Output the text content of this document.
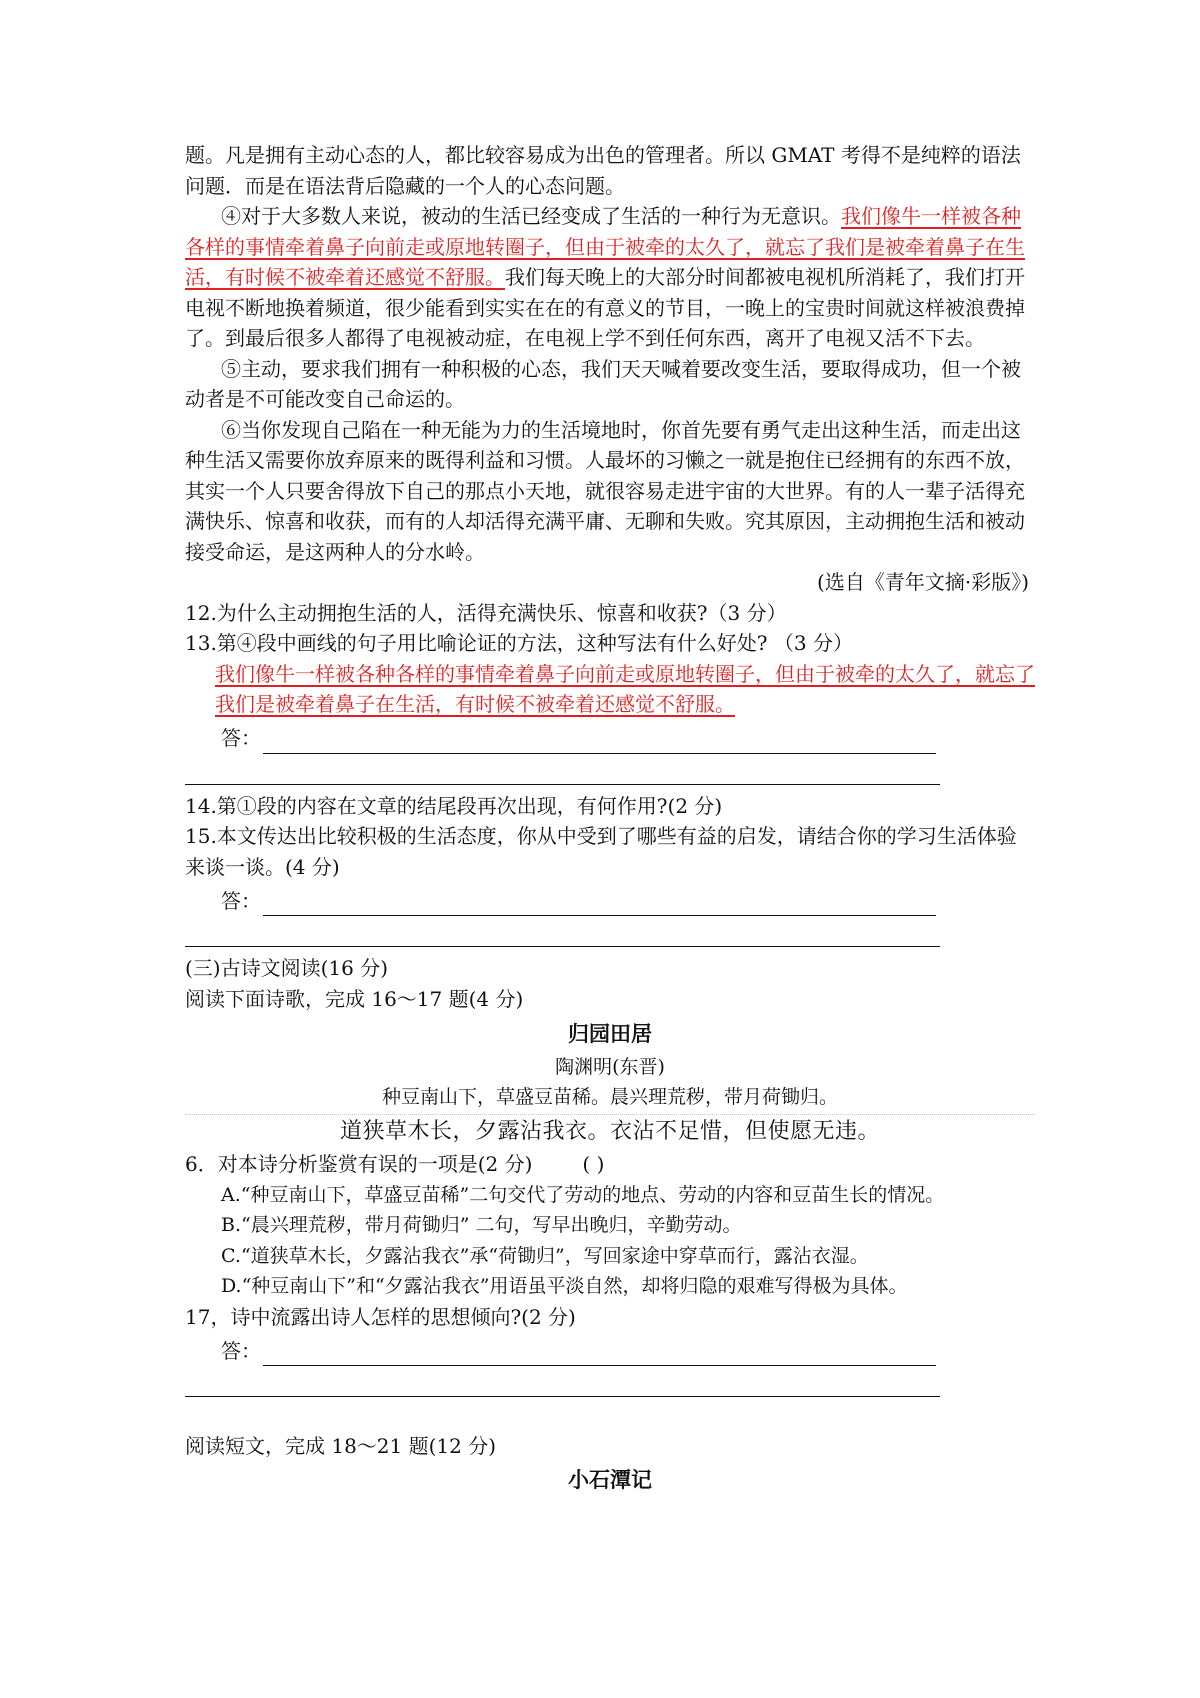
题。凡是拥有主动心态的人，都比较容易成为出色的管理者。所以 GMAT 考得不是纯粹的语法问题．而是在语法背后隐藏的一个人的心态问题。

④对于大多数人来说，被动的生活已经变成了生活的一种行为无意识。我们像牛一样被各种各样的事情牵着鼻子向前走或原地转圈子，但由于被牵的太久了，就忘了我们是被牵着鼻子在生活，有时候不被牵着还感觉不舒服。我们每天晚上的大部分时间都被电视机所消耗了，我们打开电视不断地换着频道，很少能看到实实在在的有意义的节目，一晚上的宝贵时间就这样被浪费掉了。到最后很多人都得了电视被动症，在电视上学不到任何东西，离开了电视又活不下去。

⑤主动，要求我们拥有一种积极的心态，我们天天喊着要改变生活，要取得成功，但一个被动者是不可能改变自己命运的。

⑥当你发现自己陷在一种无能为力的生活境地时，你首先要有勇气走出这种生活，而走出这种生活又需要你放弃原来的既得利益和习惯。人最坏的习懒之一就是抱住已经拥有的东西不放，其实一个人只要舍得放下自己的那点小天地，就很容易走进宇宙的大世界。有的人一辈子活得充满快乐、惊喜和收获，而有的人却活得充满平庸、无聊和失败。究其原因，主动拥抱生活和被动接受命运，是这两种人的分水岭。

(选自《青年文摘·彩版》)

12.为什么主动拥抱生活的人，活得充满快乐、惊喜和收获?（3 分）

13.第④段中画线的句子用比喻论证的方法，这种写法有什么好处? （3 分）

我们像牛一样被各种各样的事情牵着鼻子向前走或原地转圈子，但由于被牵的太久了，就忘了我们是被牵着鼻子在生活，有时候不被牵着还感觉不舒服。

答：

14.第①段的内容在文章的结尾段再次出现，有何作用?(2 分)

15.本文传达出比较积极的生活态度，你从中受到了哪些有益的启发，请结合你的学习生活体验来谈一谈。(4 分)

答：

(三)古诗文阅读(16 分)

阅读下面诗歌，完成 16～17 题(4 分)

归园田居

陶渊明(东晋)

种豆南山下，草盛豆苗稀。晨兴理荒秽，带月荷锄归。

道狭草木长，夕露沾我衣。衣沾不足惜，但使愿无违。

6．对本诗分析鉴赏有误的一项是(2 分)	( )

A.“种豆南山下，草盛豆苗稀”二句交代了劳动的地点、劳动的内容和豆苗生长的情况。

B.“晨兴理荒秽，带月荷锄归” 二句，写早出晚归，辛勤劳动。

C.“道狭草木长，夕露沾我衣”承“荷锄归”，写回家途中穿草而行，露沾衣湿。

D.“种豆南山下”和“夕露沾我衣”用语虽平淡自然，却将归隐的艰难写得极为具体。

17，诗中流露出诗人怎样的思想倾向?(2 分)

答：

阅读短文，完成 18～21 题(12 分)

小石潭记
